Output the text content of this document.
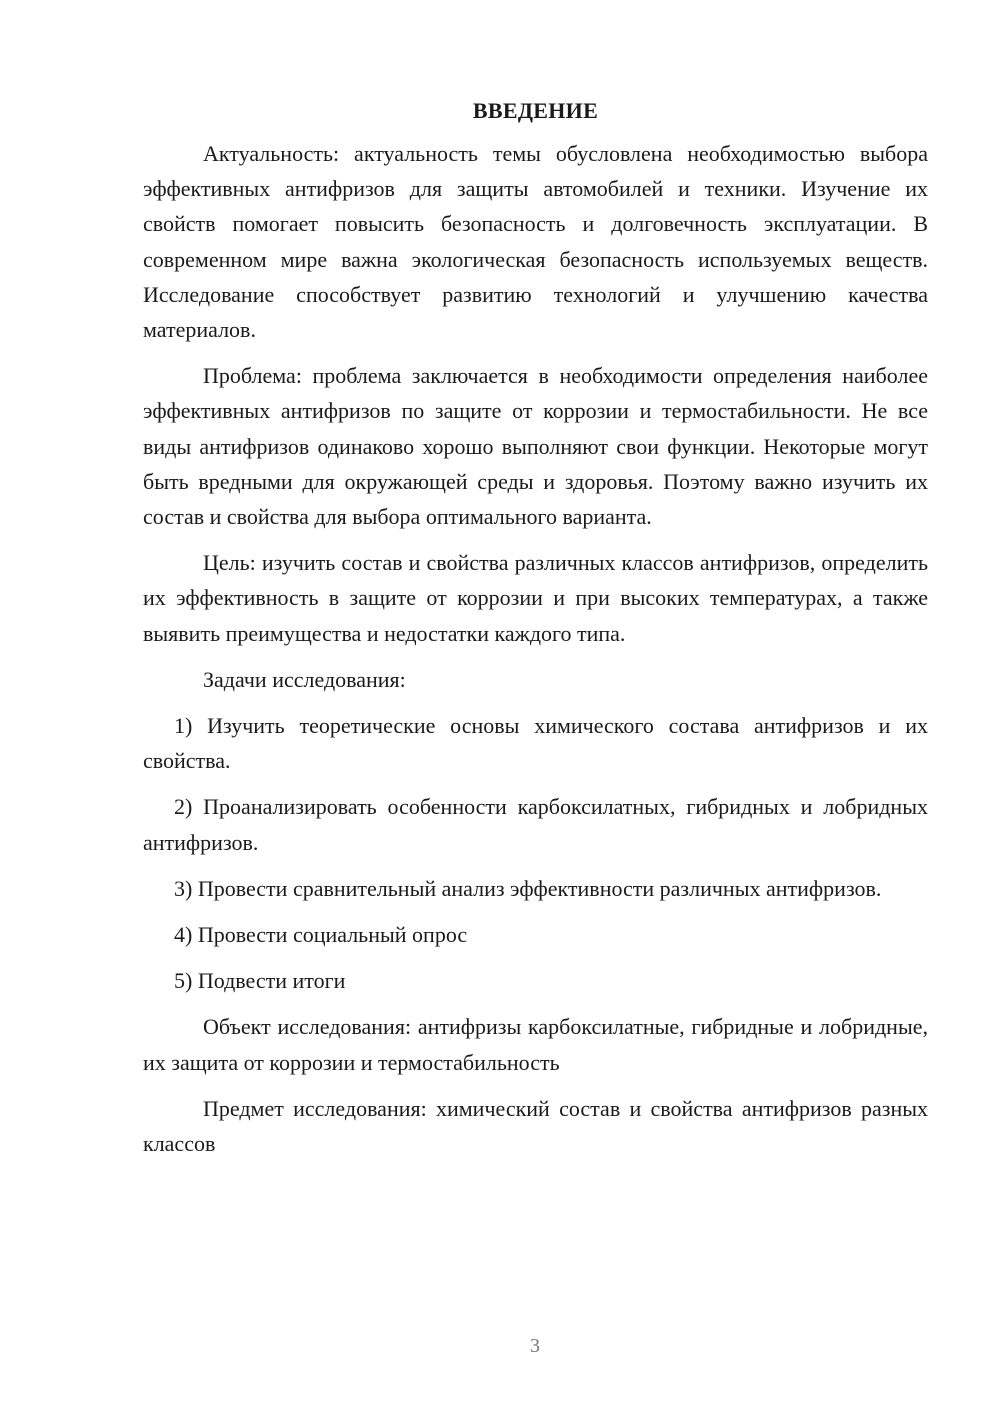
ВВЕДЕНИЕ

Актуальность: актуальность темы обусловлена необходимостью выбора эффективных антифризов для защиты автомобилей и техники. Изучение их свойств помогает повысить безопасность и долговечность эксплуатации. В современном мире важна экологическая безопасность используемых веществ. Исследование способствует развитию технологий и улучшению качества материалов.

Проблема: проблема заключается в необходимости определения наиболее эффективных антифризов по защите от коррозии и термостабильности. Не все виды антифризов одинаково хорошо выполняют свои функции. Некоторые могут быть вредными для окружающей среды и здоровья. Поэтому важно изучить их состав и свойства для выбора оптимального варианта.

Цель: изучить состав и свойства различных классов антифризов, определить их эффективность в защите от коррозии и при высоких температурах, а также выявить преимущества и недостатки каждого типа.

Задачи исследования:

1) Изучить теоретические основы химического состава антифризов и их свойства.

2) Проанализировать особенности карбоксилатных, гибридных и лобридных антифризов.

3) Провести сравнительный анализ эффективности различных антифризов.

4) Провести социальный опрос

5) Подвести итоги

Объект исследования: антифризы карбоксилатные, гибридные и лобридные, их защита от коррозии и термостабильность

Предмет исследования: химический состав и свойства антифризов разных классов

3
